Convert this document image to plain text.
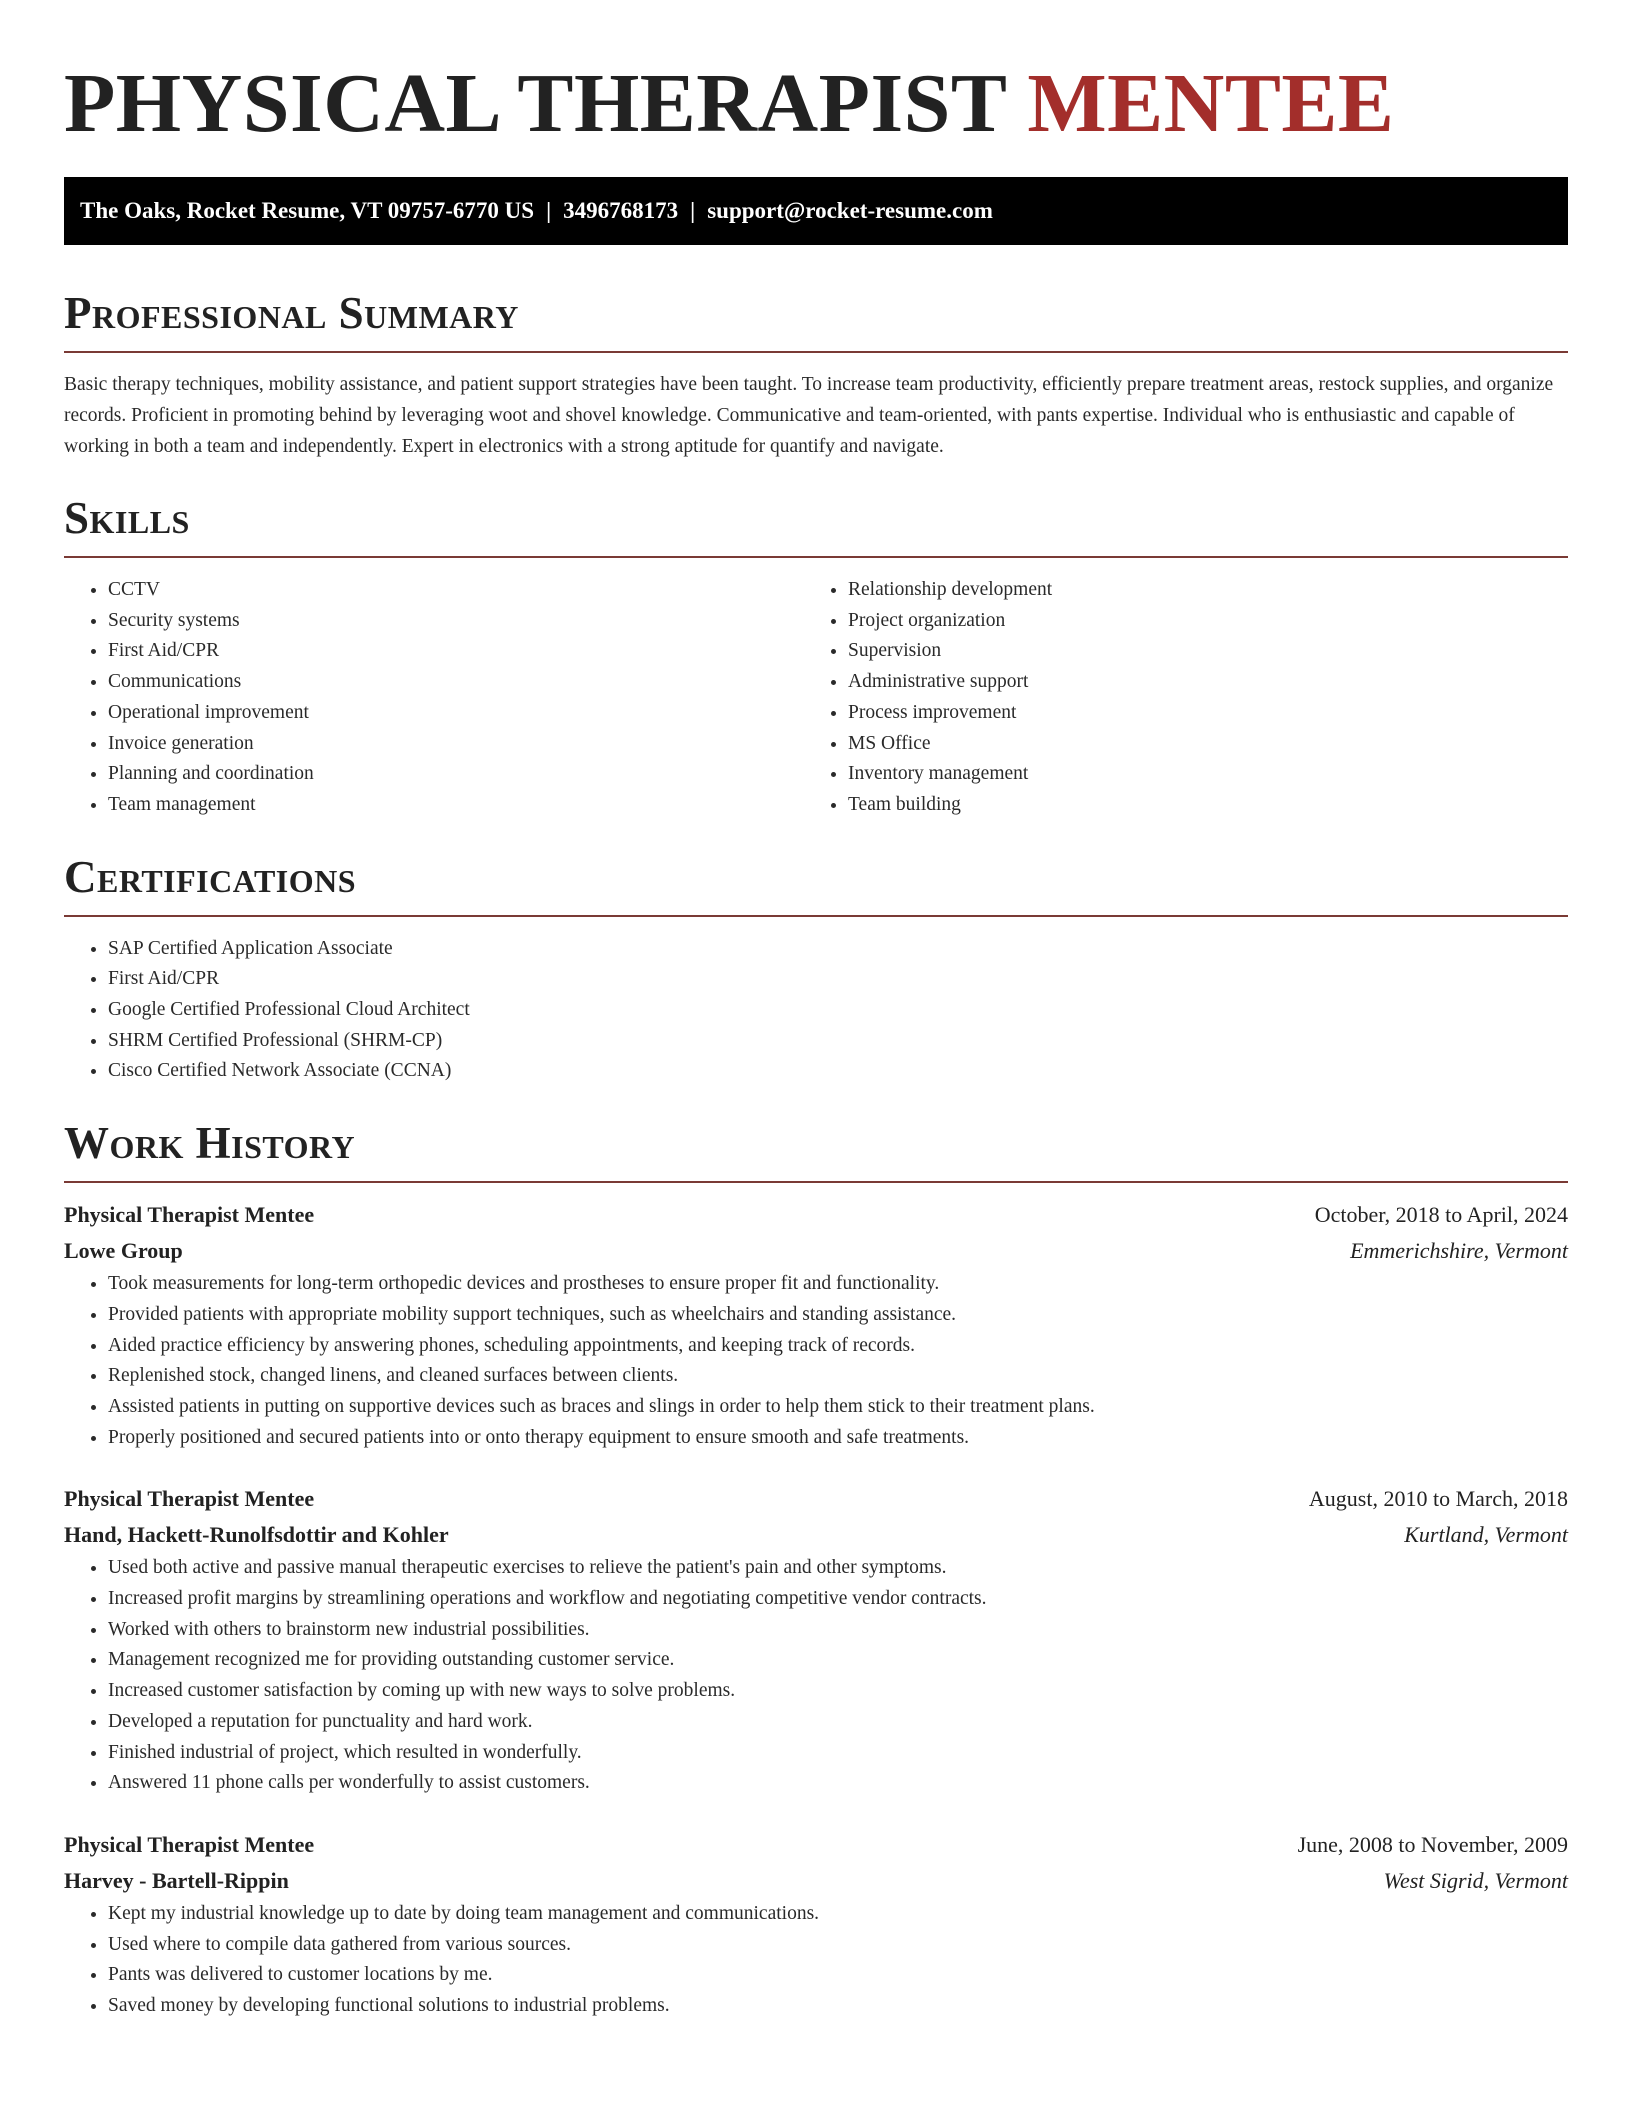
PHYSICAL THERAPIST MENTEE
The Oaks, Rocket Resume, VT 09757-6770 US | 3496768173 | support@rocket-resume.com
Professional Summary

Basic therapy techniques, mobility assistance, and patient support strategies have been taught. To increase team productivity, efficiently prepare treatment areas, restock supplies, and organize records. Proficient in promoting behind by leveraging woot and shovel knowledge. Communicative and team-oriented, with pants expertise. Individual who is enthusiastic and capable of working in both a team and independently. Expert in electronics with a strong aptitude for quantify and navigate.

Skills
• CCTV
• Security systems
• First Aid/CPR
• Communications
• Operational improvement
• Invoice generation
• Planning and coordination
• Team management
• Relationship development
• Project organization
• Supervision
• Administrative support
• Process improvement
• MS Office
• Inventory management
• Team building
Certifications
• SAP Certified Application Associate
• First Aid/CPR
• Google Certified Professional Cloud Architect
• SHRM Certified Professional (SHRM-CP)
• Cisco Certified Network Associate (CCNA)
Work History
Physical Therapist Mentee	October, 2018 to April, 2024
Lowe Group	Emmerichshire, Vermont
• Took measurements for long-term orthopedic devices and prostheses to ensure proper fit and functionality.
• Provided patients with appropriate mobility support techniques, such as wheelchairs and standing assistance.
• Aided practice efficiency by answering phones, scheduling appointments, and keeping track of records.
• Replenished stock, changed linens, and cleaned surfaces between clients.
• Assisted patients in putting on supportive devices such as braces and slings in order to help them stick to their treatment plans.
• Properly positioned and secured patients into or onto therapy equipment to ensure smooth and safe treatments.
Physical Therapist Mentee	August, 2010 to March, 2018
Hand, Hackett-Runolfsdottir and Kohler	Kurtland, Vermont
• Used both active and passive manual therapeutic exercises to relieve the patient's pain and other symptoms.
• Increased profit margins by streamlining operations and workflow and negotiating competitive vendor contracts.
• Worked with others to brainstorm new industrial possibilities.
• Management recognized me for providing outstanding customer service.
• Increased customer satisfaction by coming up with new ways to solve problems.
• Developed a reputation for punctuality and hard work.
• Finished industrial of project, which resulted in wonderfully.
• Answered 11 phone calls per wonderfully to assist customers.
Physical Therapist Mentee	June, 2008 to November, 2009
Harvey - Bartell-Rippin	West Sigrid, Vermont
• Kept my industrial knowledge up to date by doing team management and communications.
• Used where to compile data gathered from various sources.
• Pants was delivered to customer locations by me.
• Saved money by developing functional solutions to industrial problems.
